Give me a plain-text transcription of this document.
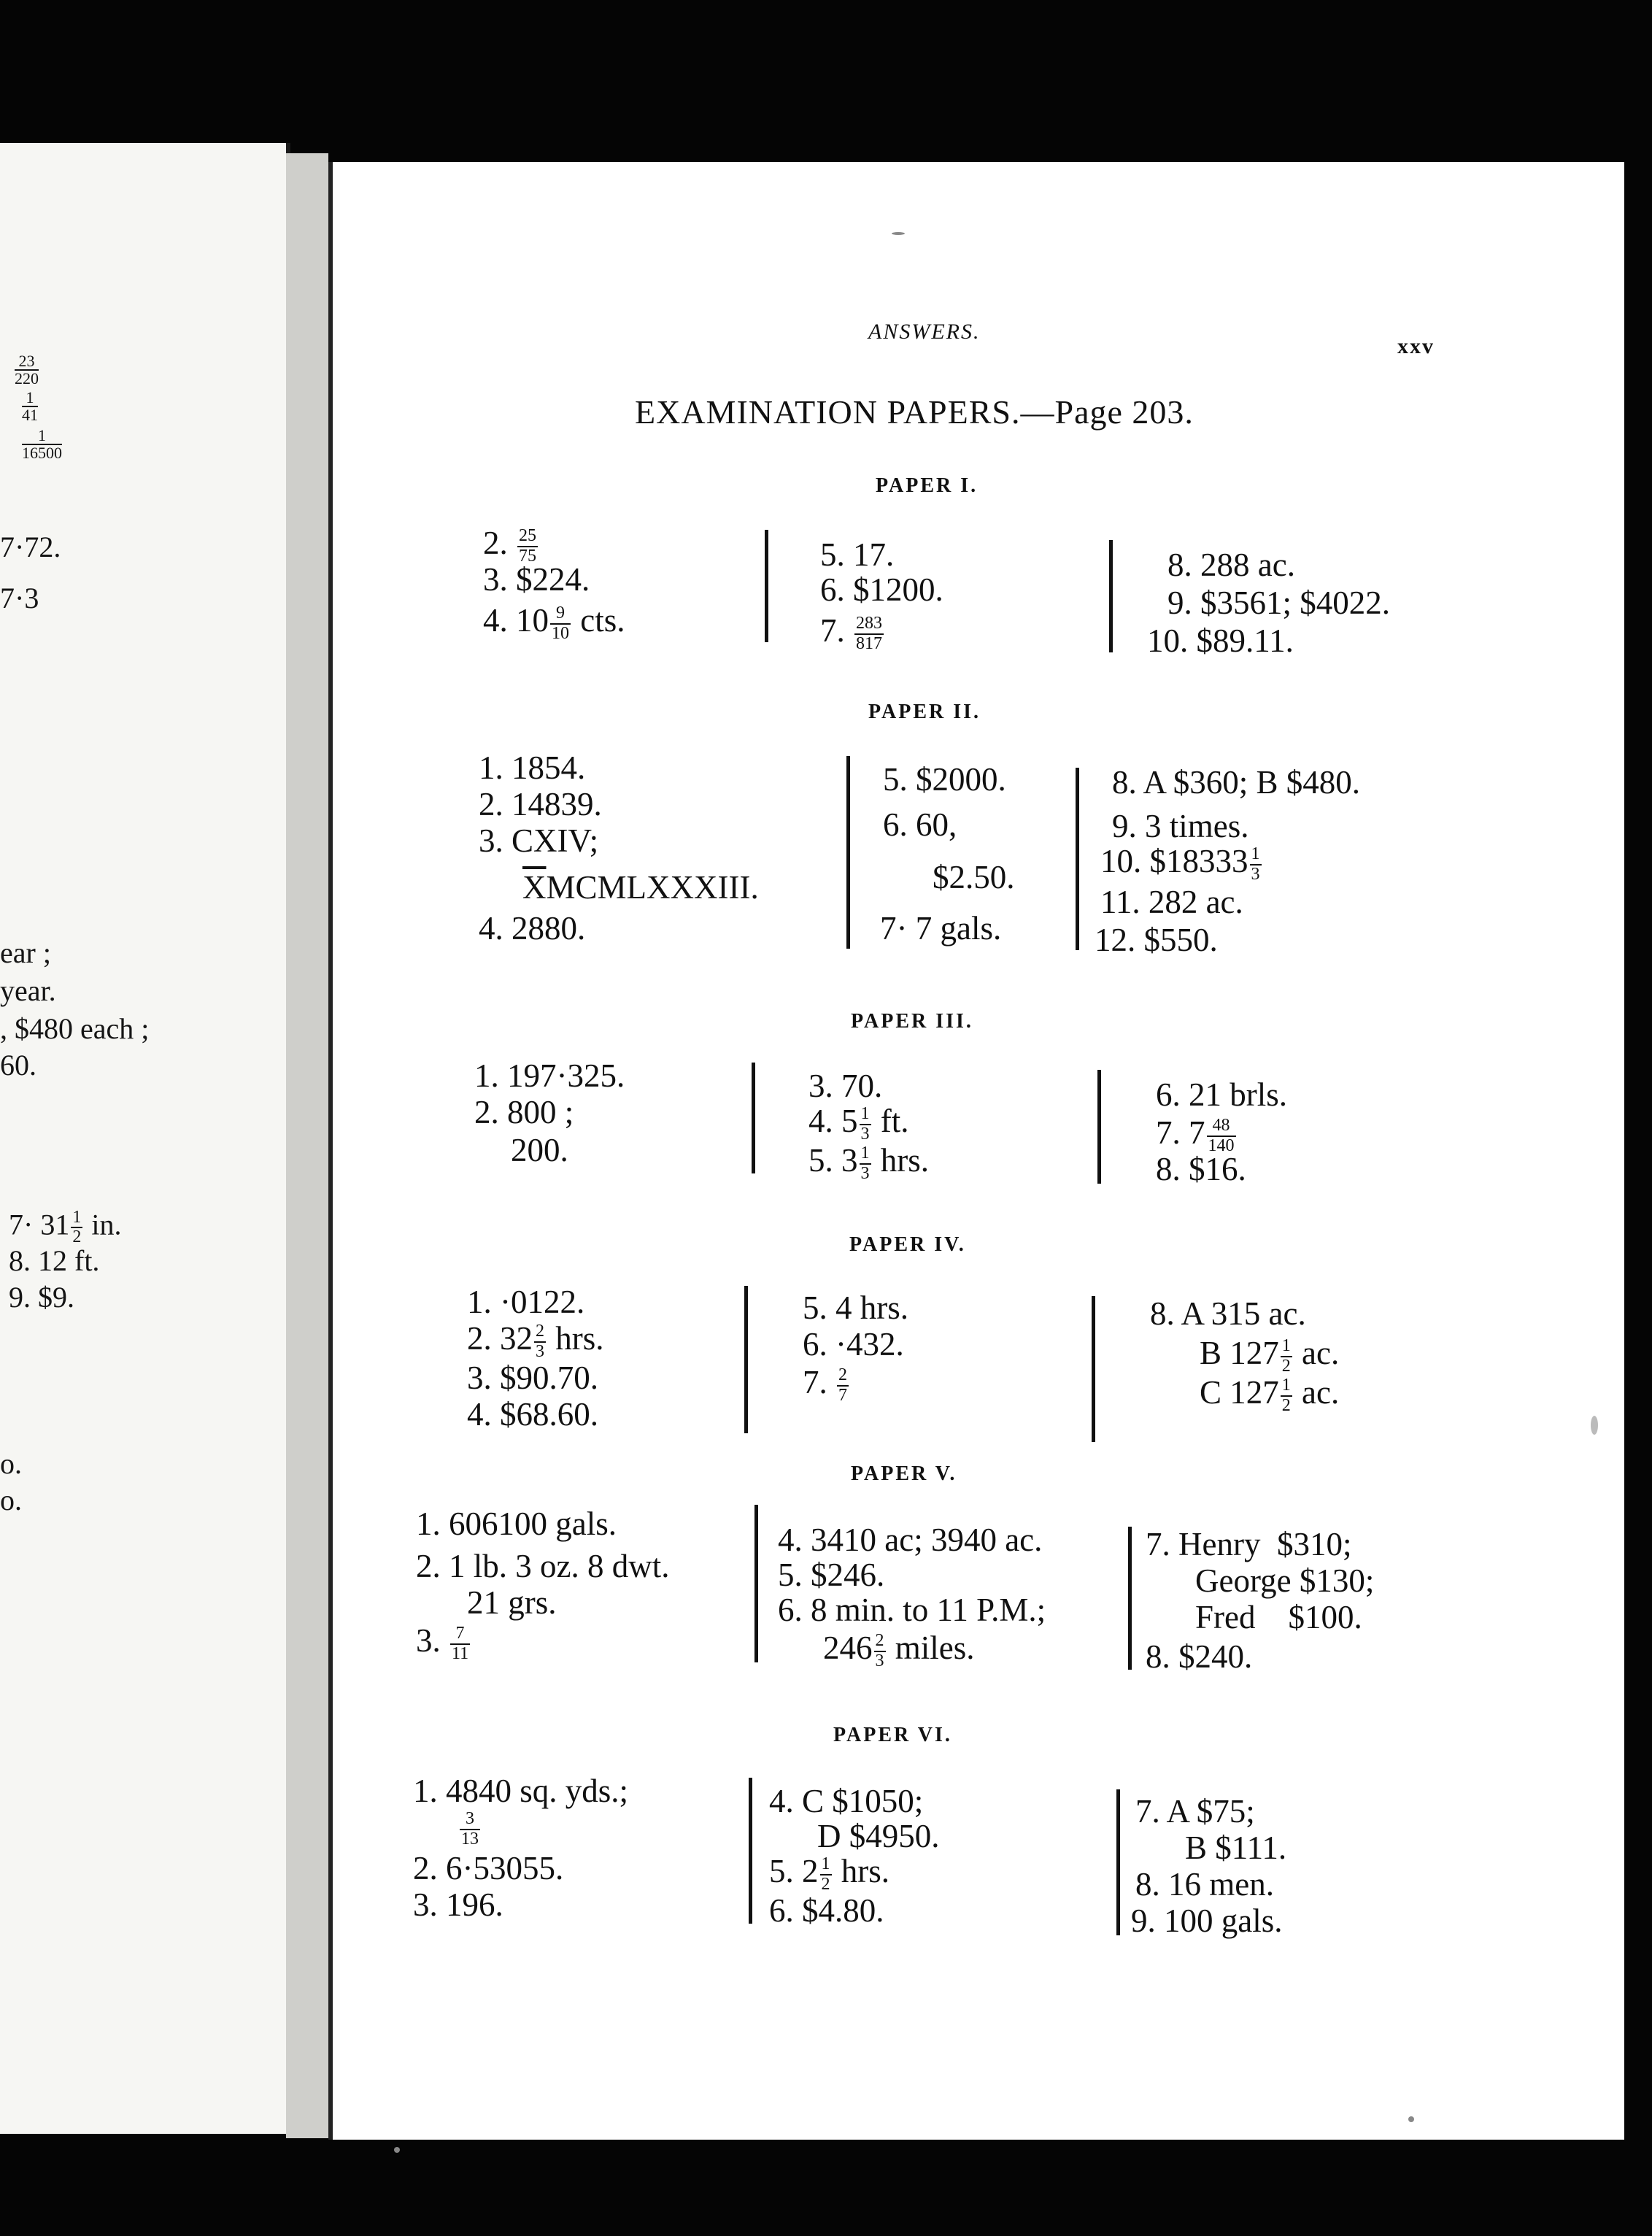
$\frac{23}{220}$
$\frac{1}{41}$
$\frac{1}{16500}$
7·72.
7·3
ear ;
year.
, $480 each ;
60.
$7\cdot 31 \frac{1}{2}$ in.
8. 12 ft.
9. $9.
o.
o.
ANSWERS.
xxv
EXAMINATION PAPERS.—Page 203.
PAPER I.
2. $\frac{25}{75}$
3. $224.
4. $10 \frac{9}{10}$ cts.
5. 17.
6. $1200.
7. $\frac{283}{817}$
8. 288 ac.
9. $3561; $4022.
10. $89.11.
PAPER II.
1. 1854.
2. 14839.
3. CXIV;
$\overline{X}MCMLXXXIII$.
4. 2880.
5. $2000.
6. 60,
$2.50.
7· 7 gals.
8. A $360; B $480.
9. 3 times.
10. $18333 $\frac{1}{3}$
11. 282 ac.
12. $550.
PAPER III.
1. 197·325.
2. 800 ;
200.
3. 70.
4. $5 \frac{1}{3}$ ft.
5. $3 \frac{1}{3}$ hrs.
6. 21 brls.
7. $7 \frac{48}{140}$
8. $16.
PAPER IV.
1. ·0122.
2. $32 \frac{2}{3}$ hrs.
3. $90.70.
4. $68.60.
5. 4 hrs.
6. ·432.
7. $\frac{2}{7}$
8. A 315 ac.
B $127 \frac{1}{2}$ ac.
C $127 \frac{1}{2}$ ac.
PAPER V.
1. 606100 gals.
2. 1 lb. 3 oz. 8 dwt.
21 grs.
3. $\frac{7}{11}$
4. 3410 ac; 3940 ac.
5. $246.
6. 8 min. to 11 P.M.;
$246 \frac{2}{3}$ miles.
7. Henry  $310;
George $130;
Fred    $100.
8. $240.
PAPER VI.
1. 4840 sq. yds.;
$\frac{3}{13}$
2. 6·53055.
3. 196.
4. C $1050;
D $4950.
5. $2 \frac{1}{2}$ hrs.
6. $4.80.
7. A $75;
B $111.
8. 16 men.
9. 100 gals.
